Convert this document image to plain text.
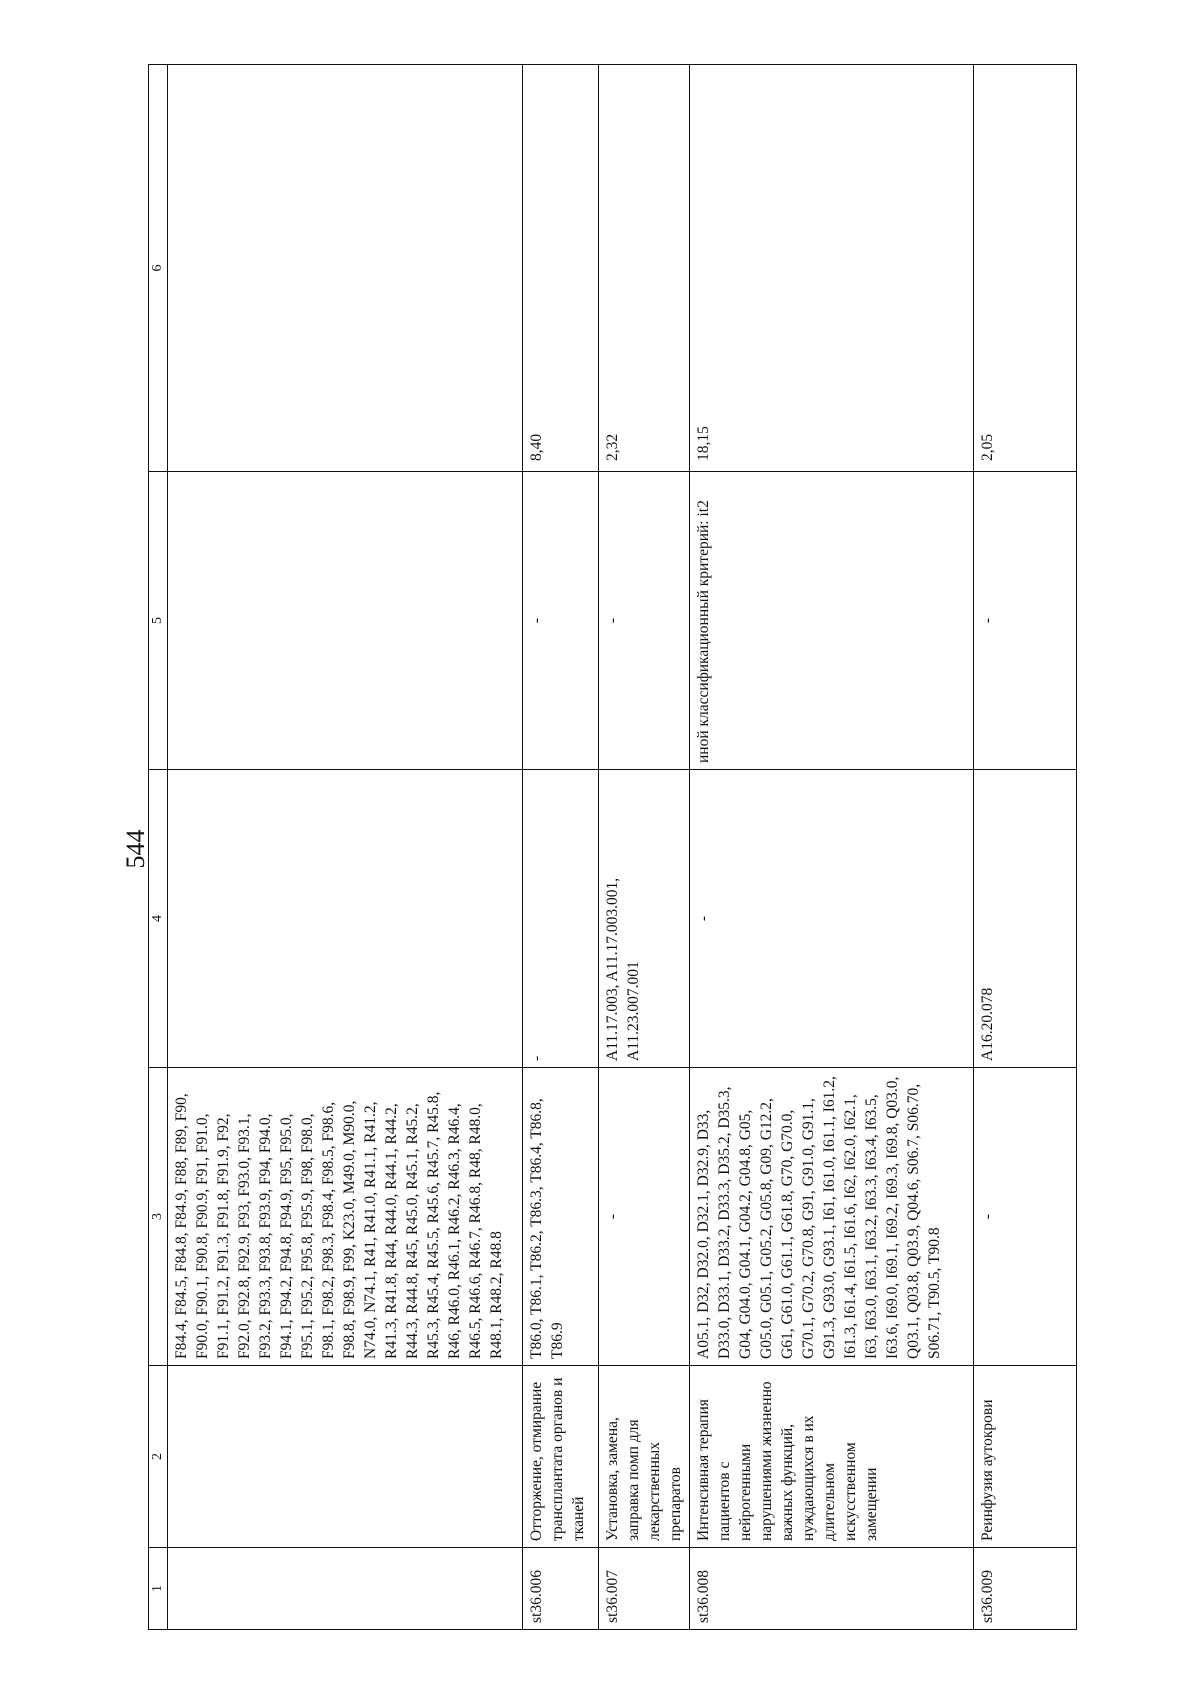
544
1	2	3	4	5	6
		F84.4, F84.5, F84.8, F84.9, F88, F89, F90, F90.0, F90.1, F90.8, F90.9, F91, F91.0, F91.1, F91.2, F91.3, F91.8, F91.9, F92, F92.0, F92.8, F92.9, F93, F93.0, F93.1, F93.2, F93.3, F93.8, F93.9, F94, F94.0, F94.1, F94.2, F94.8, F94.9, F95, F95.0, F95.1, F95.2, F95.8, F95.9, F98, F98.0, F98.1, F98.2, F98.3, F98.4, F98.5, F98.6, F98.8, F98.9, F99, K23.0, M49.0, M90.0, N74.0, N74.1, R41, R41.0, R41.1, R41.2, R41.3, R41.8, R44, R44.0, R44.1, R44.2, R44.3, R44.8, R45, R45.0, R45.1, R45.2, R45.3, R45.4, R45.5, R45.6, R45.7, R45.8, R46, R46.0, R46.1, R46.2, R46.3, R46.4, R46.5, R46.6, R46.7, R46.8, R48, R48.0, R48.1, R48.2, R48.8			
st36.006	Отторжение, отмирание трансплантата органов и тканей	T86.0, T86.1, T86.2, T86.3, T86.4, T86.8, T86.9	-	-	8,40
st36.007	Установка, замена, заправка помп для лекарственных препаратов	-	A11.17.003, A11.17.003.001, A11.23.007.001	-	2,32
st36.008	Интенсивная терапия пациентов с нейрогенными нарушениями жизненно важных функций, нуждающихся в их длительном искусственном замещении	A05.1, D32, D32.0, D32.1, D32.9, D33, D33.0, D33.1, D33.2, D33.3, D35.2, D35.3, G04, G04.0, G04.1, G04.2, G04.8, G05, G05.0, G05.1, G05.2, G05.8, G09, G12.2, G61, G61.0, G61.1, G61.8, G70, G70.0, G70.1, G70.2, G70.8, G91, G91.0, G91.1, G91.3, G93.0, G93.1, I61, I61.0, I61.1, I61.2, I61.3, I61.4, I61.5, I61.6, I62, I62.0, I62.1, I63, I63.0, I63.1, I63.2, I63.3, I63.4, I63.5, I63.6, I69.0, I69.1, I69.2, I69.3, I69.8, Q03.0, Q03.1, Q03.8, Q03.9, Q04.6, S06.7, S06.70, S06.71, T90.5, T90.8	-	иной классификационный критерий: it2	18,15
st36.009	Реинфузия аутокрови	-	A16.20.078	-	2,05
